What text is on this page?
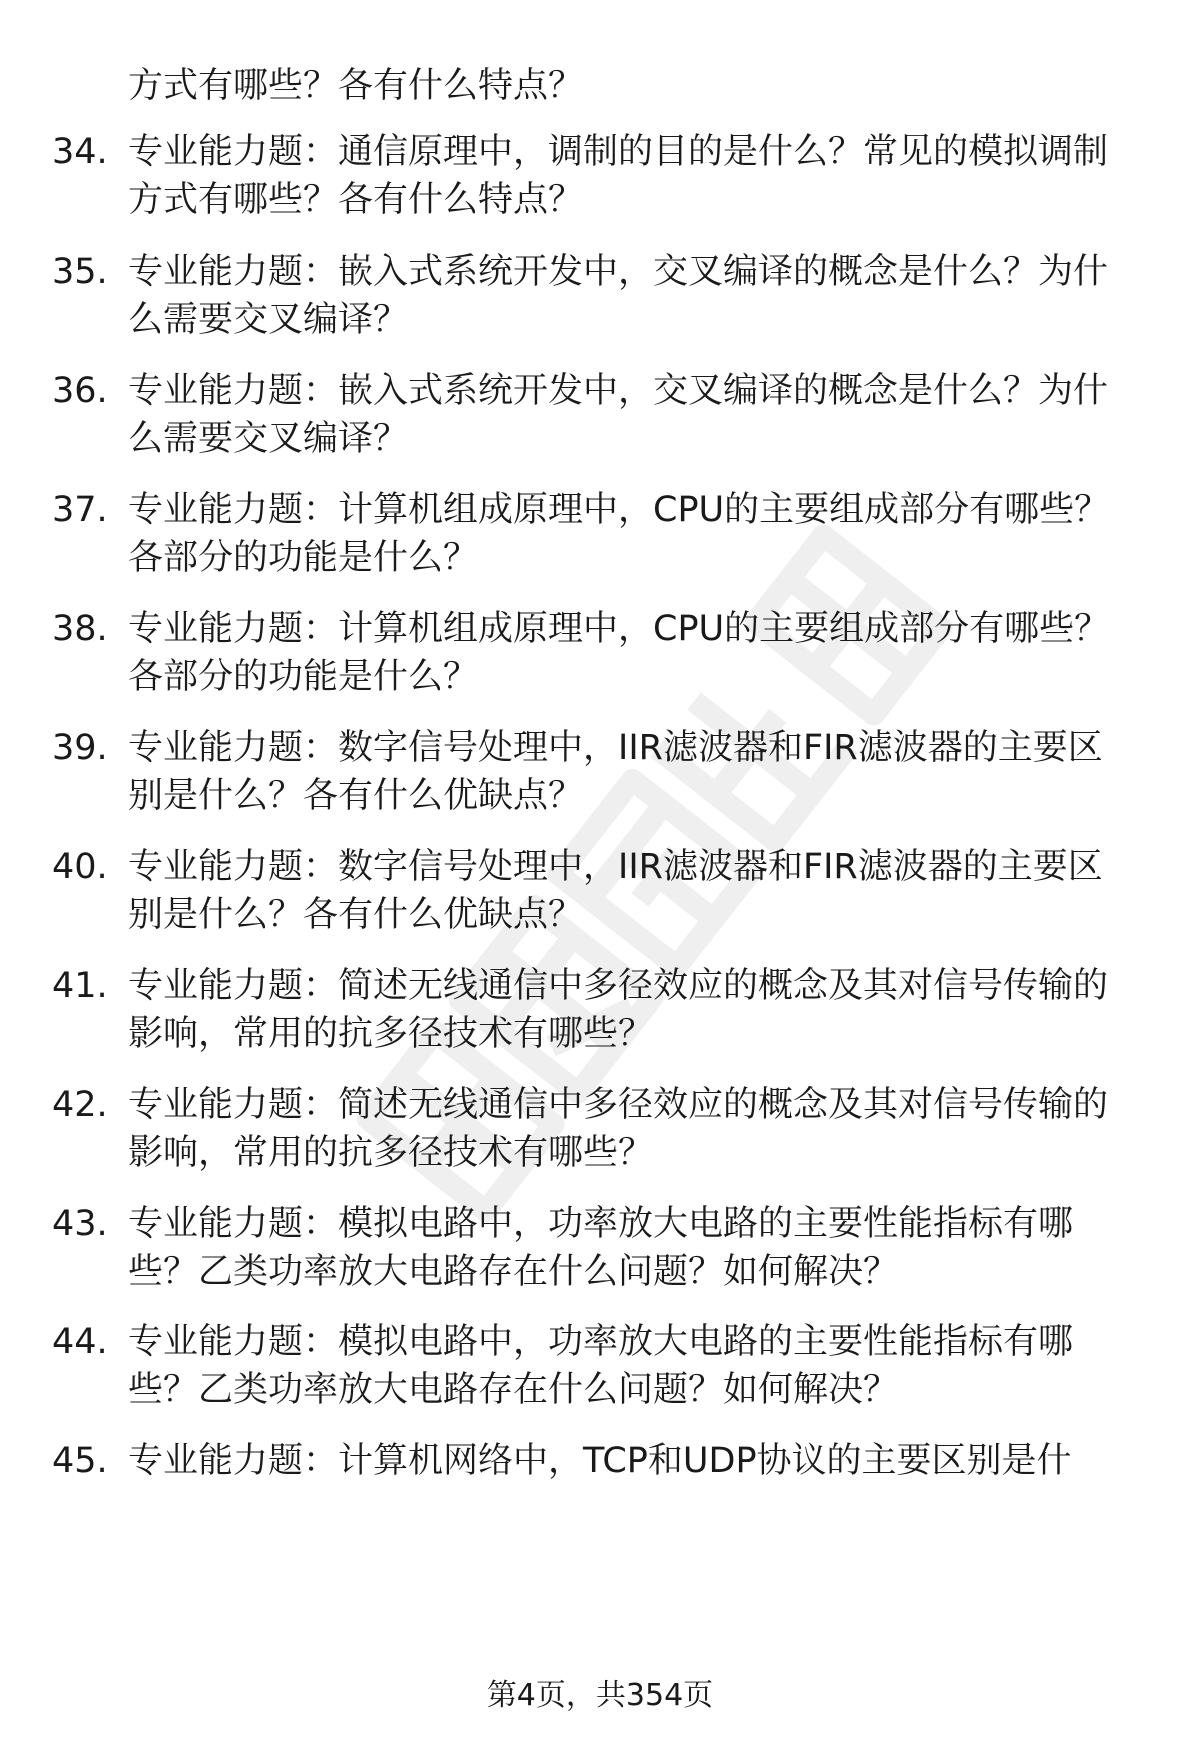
方式有哪些？各有什么特点？
34. 专业能力题：通信原理中，调制的目的是什么？常见的模拟调制
方式有哪些？各有什么特点？
35. 专业能力题：嵌入式系统开发中，交叉编译的概念是什么？为什
么需要交叉编译？
36. 专业能力题：嵌入式系统开发中，交叉编译的概念是什么？为什
么需要交叉编译？
37. 专业能力题：计算机组成原理中，CPU的主要组成部分有哪些？
各部分的功能是什么？
38. 专业能力题：计算机组成原理中，CPU的主要组成部分有哪些？
各部分的功能是什么？
39. 专业能力题：数字信号处理中，IIR滤波器和FIR滤波器的主要区
别是什么？各有什么优缺点？
40. 专业能力题：数字信号处理中，IIR滤波器和FIR滤波器的主要区
别是什么？各有什么优缺点？
41. 专业能力题：简述无线通信中多径效应的概念及其对信号传输的
影响，常用的抗多径技术有哪些？
42. 专业能力题：简述无线通信中多径效应的概念及其对信号传输的
影响，常用的抗多径技术有哪些？
43. 专业能力题：模拟电路中，功率放大电路的主要性能指标有哪
些？乙类功率放大电路存在什么问题？如何解决？
44. 专业能力题：模拟电路中，功率放大电路的主要性能指标有哪
些？乙类功率放大电路存在什么问题？如何解决？
45. 专业能力题：计算机网络中，TCP和UDP协议的主要区别是什
第4页，共354页
